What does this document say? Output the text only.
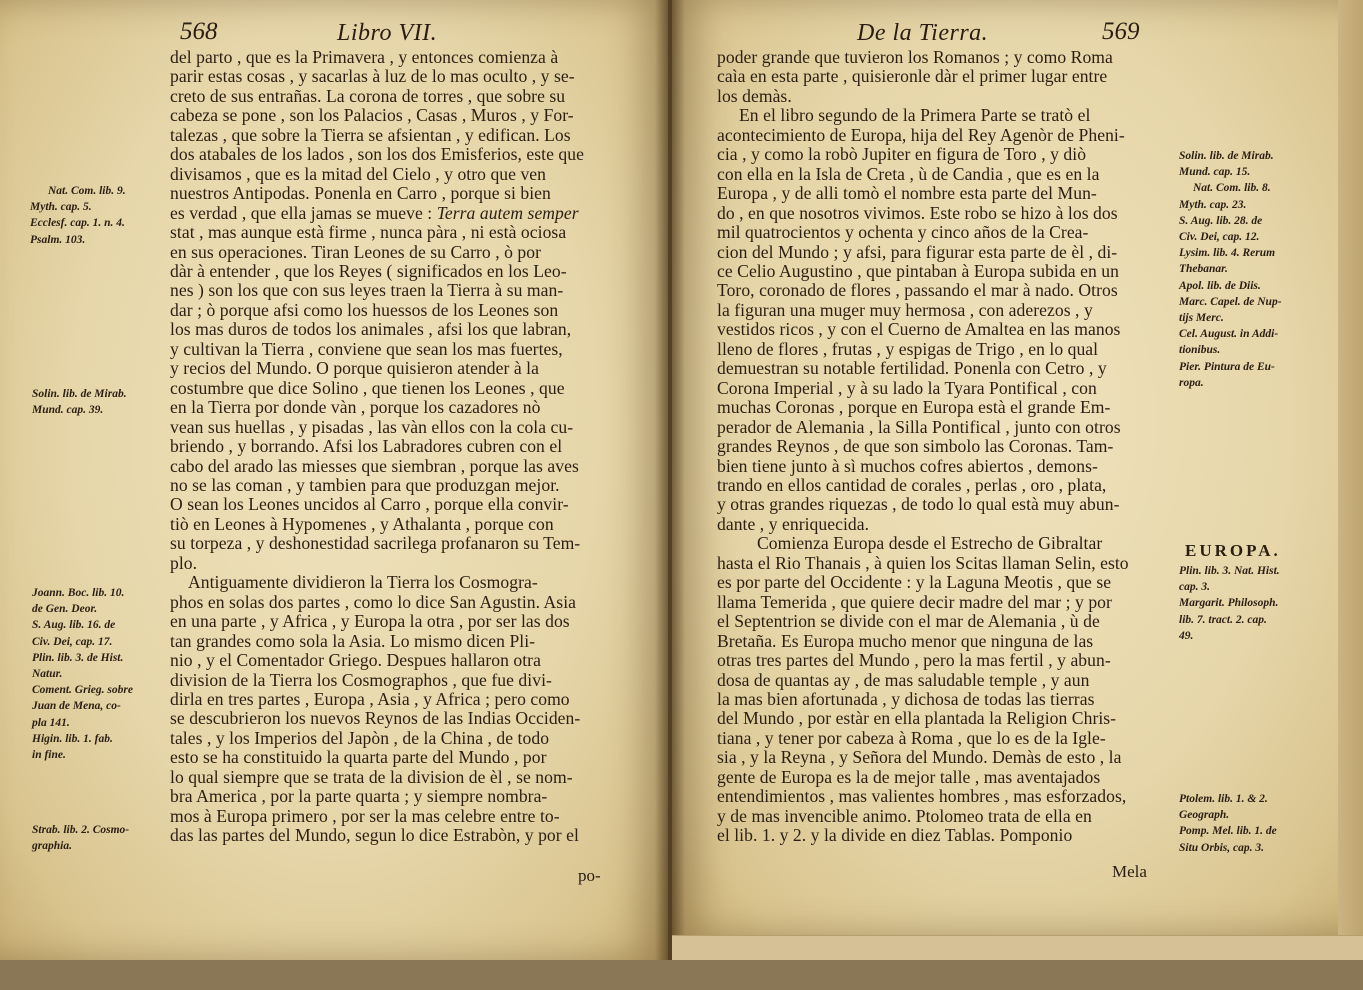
568	Libro VII.
Nat. Com. lib. 9.
Myth. cap. 5.
Ecclesf. cap. 1. n. 4.
Psalm. 103.
Solin. lib. de Mirab.
Mund. cap. 39.
Joann. Boc. lib. 10.
de Gen. Deor.
S. Aug. lib. 16. de
Civ. Dei, cap. 17.
Plin. lib. 3. de Hist.
Natur.
Coment. Grieg. sobre
Juan de Mena, co-
pla 141.
Higin. lib. 1. fab.
in fine.
Strab. lib. 2. Cosmo-
graphia.
del parto , que es la Primavera , y entonces comienza à
parir estas cosas , y sacarlas à luz de lo mas oculto , y se-
creto de sus entrañas. La corona de torres , que sobre su
cabeza se pone , son los Palacios , Casas , Muros , y For-
talezas , que sobre la Tierra se afsientan , y edifican. Los
dos atabales de los lados , son los dos Emisferios, este que
divisamos , que es la mitad del Cielo , y otro que ven
nuestros Antipodas. Ponenla en Carro , porque si bien
es verdad , que ella jamas se mueve : Terra autem semper
stat , mas aunque està firme , nunca pàra , ni està ociosa
en sus operaciones. Tiran Leones de su Carro , ò por
dàr à entender , que los Reyes ( significados en los Leo-
nes ) son los que con sus leyes traen la Tierra à su man-
dar ; ò porque afsi como los huessos de los Leones son
los mas duros de todos los animales , afsi los que labran,
y cultivan la Tierra , conviene que sean los mas fuertes,
y recios del Mundo. O porque quisieron atender à la
costumbre que dice Solino , que tienen los Leones , que
en la Tierra por donde vàn , porque los cazadores nò
vean sus huellas , y pisadas , las vàn ellos con la cola cu-
briendo , y borrando. Afsi los Labradores cubren con el
cabo del arado las miesses que siembran , porque las aves
no se las coman , y tambien para que produzgan mejor.
O sean los Leones uncidos al Carro , porque ella convir-
tiò en Leones à Hypomenes , y Athalanta , porque con
su torpeza , y deshonestidad sacrilega profanaron su Tem-
plo.
Antiguamente dividieron la Tierra los Cosmogra-
phos en solas dos partes , como lo dice San Agustin. Asia
en una parte , y Africa , y Europa la otra , por ser las dos
tan grandes como sola la Asia. Lo mismo dicen Pli-
nio , y el Comentador Griego. Despues hallaron otra
division de la Tierra los Cosmographos , que fue divi-
dirla en tres partes , Europa , Asia , y Africa ; pero como
se descubrieron los nuevos Reynos de las Indias Occiden-
tales , y los Imperios del Japòn , de la China , de todo
esto se ha constituido la quarta parte del Mundo , por
lo qual siempre que se trata de la division de èl , se nom-
bra America , por la parte quarta ; y siempre nombra-
mos à Europa primero , por ser la mas celebre entre to-
das las partes del Mundo, segun lo dice Estrabòn, y por el
po-
De la Tierra.	569
poder grande que tuvieron los Romanos ; y como Roma
caìa en esta parte , quisieronle dàr el primer lugar entre
los demàs.
En el libro segundo de la Primera Parte se tratò el
acontecimiento de Europa, hija del Rey Agenòr de Pheni-
cia , y como la robò Jupiter en figura de Toro , y diò
con ella en la Isla de Creta , ù de Candia , que es en la
Europa , y de alli tomò el nombre esta parte del Mun-
do , en que nosotros vivimos. Este robo se hizo à los dos
mil quatrocientos y ochenta y cinco años de la Crea-
cion del Mundo ; y afsi, para figurar esta parte de èl , di-
ce Celio Augustino , que pintaban à Europa subida en un
Toro, coronado de flores , passando el mar à nado. Otros
la figuran una muger muy hermosa , con aderezos , y
vestidos ricos , y con el Cuerno de Amaltea en las manos
lleno de flores , frutas , y espigas de Trigo , en lo qual
demuestran su notable fertilidad. Ponenla con Cetro , y
Corona Imperial , y à su lado la Tyara Pontifical , con
muchas Coronas , porque en Europa està el grande Em-
perador de Alemania , la Silla Pontifical , junto con otros
grandes Reynos , de que son simbolo las Coronas. Tam-
bien tiene junto à sì muchos cofres abiertos , demons-
trando en ellos cantidad de corales , perlas , oro , plata,
y otras grandes riquezas , de todo lo qual està muy abun-
dante , y enriquecida.
Comienza Europa desde el Estrecho de Gibraltar
hasta el Rio Thanais , à quien los Scitas llaman Selin, esto
es por parte del Occidente : y la Laguna Meotis , que se
llama Temerida , que quiere decir madre del mar ; y por
el Septentrion se divide con el mar de Alemania , ù de
Bretaña. Es Europa mucho menor que ninguna de las
otras tres partes del Mundo , pero la mas fertil , y abun-
dosa de quantas ay , de mas saludable temple , y aun
la mas bien afortunada , y dichosa de todas las tierras
del Mundo , por estàr en ella plantada la Religion Chris-
tiana , y tener por cabeza à Roma , que lo es de la Igle-
sia , y la Reyna , y Señora del Mundo. Demàs de esto , la
gente de Europa es la de mejor talle , mas aventajados
entendimientos , mas valientes hombres , mas esforzados,
y de mas invencible animo. Ptolomeo trata de ella en
el lib. 1. y 2. y la divide en diez Tablas. Pomponio
Mela
Solin. lib. de Mirab.
Mund. cap. 15.
Nat. Com. lib. 8.
Myth. cap. 23.
S. Aug. lib. 28. de
Civ. Dei, cap. 12.
Lysim. lib. 4. Rerum
Thebanar.
Apol. lib. de Diis.
Marc. Capel. de Nup-
tijs Merc.
Cel. August. in Addi-
tionibus.
Pier. Pintura de Eu-
ropa.
EUROPA.
Plin. lib. 3. Nat. Hist.
cap. 3.
Margarit. Philosoph.
lib. 7. tract. 2. cap.
49.
Ptolem. lib. 1. & 2.
Geograph.
Pomp. Mel. lib. 1. de
Situ Orbis, cap. 3.
